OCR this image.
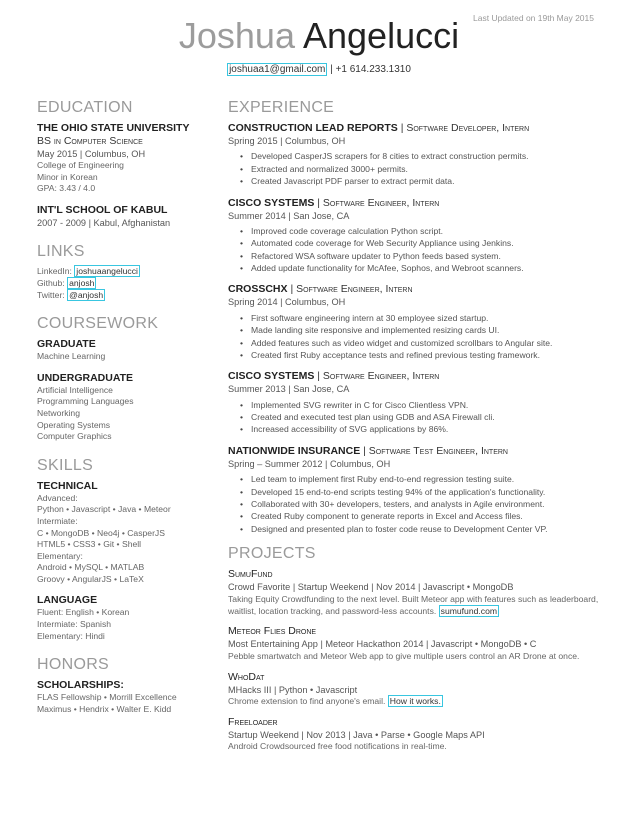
Last Updated on 19th May 2015
Joshua Angelucci
joshuaa1@gmail.com | +1 614.233.1310
EDUCATION
THE OHIO STATE UNIVERSITY
BS in Computer Science
May 2015 | Columbus, OH
College of Engineering
Minor in Korean
GPA: 3.43 / 4.0
INT'L SCHOOL OF KABUL
2007 - 2009 | Kabul, Afghanistan
LINKS
LinkedIn: joshuaangelucci
Github: anjosh
Twitter: @anjosh
COURSEWORK
GRADUATE
Machine Learning
UNDERGRADUATE
Artificial Intelligence
Programming Languages
Networking
Operating Systems
Computer Graphics
SKILLS
TECHNICAL
Advanced:
Python • Javascript • Java • Meteor
Intermiate:
C • MongoDB • Neo4j • CasperJS
HTML5 • CSS3 • Git • Shell
Elementary:
Android • MySQL • MATLAB
Groovy • AngularJS • LaTeX
LANGUAGE
Fluent: English • Korean
Intermiate: Spanish
Elementary: Hindi
HONORS
SCHOLARSHIPS:
FLAS Fellowship • Morrill Excellence
Maximus • Hendrix • Walter E. Kidd
EXPERIENCE
CONSTRUCTION LEAD REPORTS | Software Developer, Intern
Spring 2015 | Columbus, OH
• Developed CasperJS scrapers for 8 cities to extract construction permits.
• Extracted and normalized 3000+ permits.
• Created Javascript PDF parser to extract permit data.
CISCO SYSTEMS | Software Engineer, Intern
Summer 2014 | San Jose, CA
• Improved code coverage calculation Python script.
• Automated code coverage for Web Security Appliance using Jenkins.
• Refactored WSA software updater to Python feeds based system.
• Added update functionality for McAfee, Sophos, and Webroot scanners.
CROSSCHX | Software Engineer, Intern
Spring 2014 | Columbus, OH
• First software engineering intern at 30 employee sized startup.
• Made landing site responsive and implemented resizing cards UI.
• Added features such as video widget and customized scrollbars to Angular site.
• Created first Ruby acceptance tests and refined previous testing framework.
CISCO SYSTEMS | Software Engineer, Intern
Summer 2013 | San Jose, CA
• Implemented SVG rewriter in C for Cisco Clientless VPN.
• Created and executed test plan using GDB and ASA Firewall cli.
• Increased accessibility of SVG applications by 86%.
NATIONWIDE INSURANCE | Software Test Engineer, Intern
Spring – Summer 2012 | Columbus, OH
• Led team to implement first Ruby end-to-end regression testing suite.
• Developed 15 end-to-end scripts testing 94% of the application's functionality.
• Collaborated with 30+ developers, testers, and analysts in Agile environment.
• Created Ruby component to generate reports in Excel and Access files.
• Designed and presented plan to foster code reuse to Development Center VP.
PROJECTS
SumuFund
Crowd Favorite | Startup Weekend | Nov 2014 | Javascript • MongoDB
Taking Equity Crowdfunding to the next level. Built Meteor app with features such as leaderboard, waitlist, location tracking, and password-less accounts. sumufund.com
Meteor Flies Drone
Most Entertaining App | Meteor Hackathon 2014 | Javascript • MongoDB • C
Pebble smartwatch and Meteor Web app to give multiple users control an AR Drone at once.
WhoDat
MHacks III | Python • Javascript
Chrome extension to find anyone's email. How it works.
Freeloader
Startup Weekend | Nov 2013 | Java • Parse • Google Maps API
Android Crowdsourced free food notifications in real-time.
